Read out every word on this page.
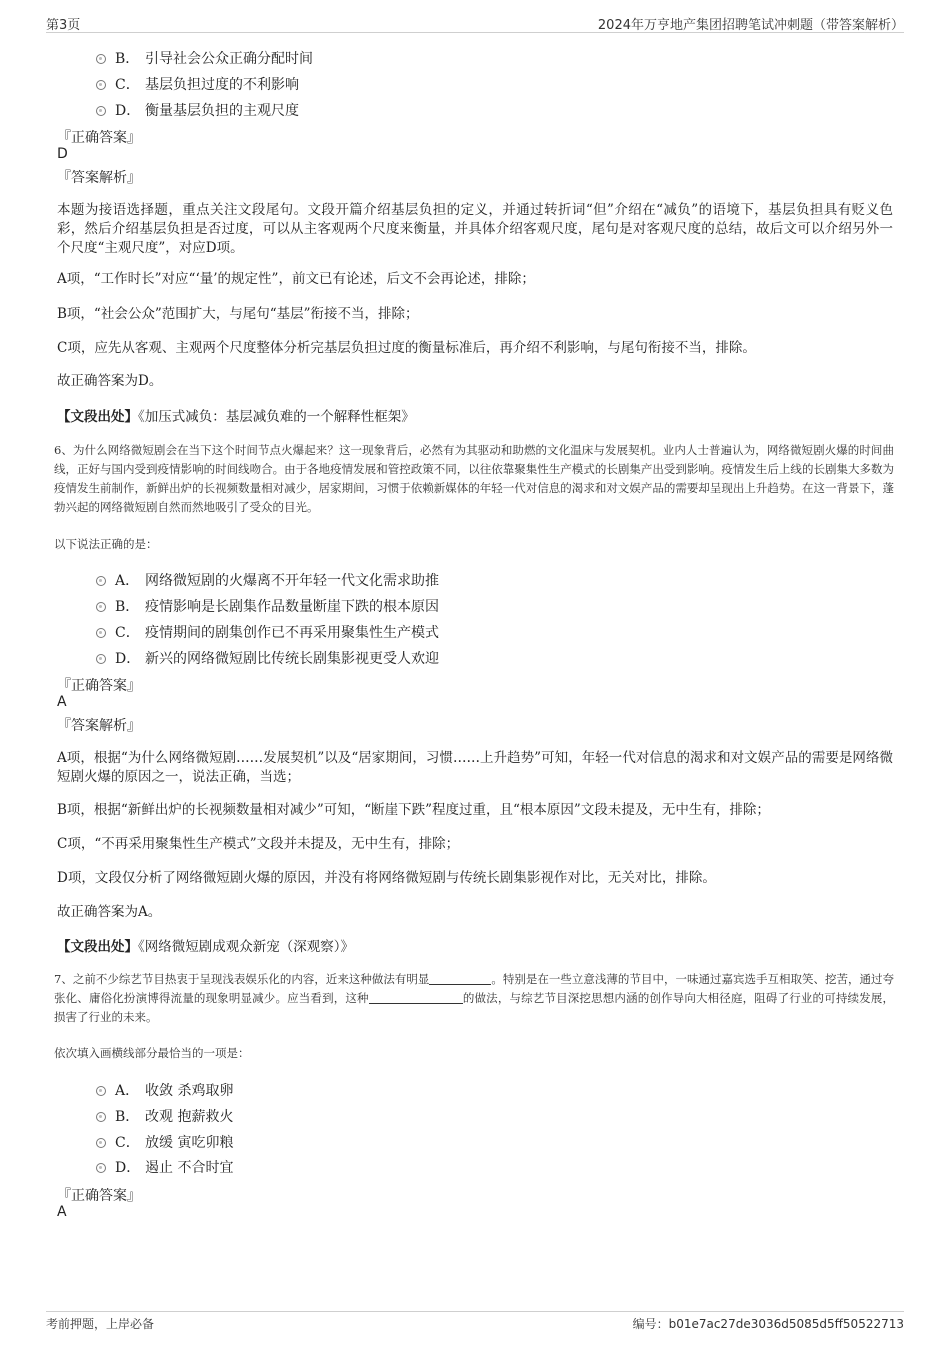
第3页	2024年万亨地产集团招聘笔试冲刺题（带答案解析）
B． 引导社会公众正确分配时间
C． 基层负担过度的不利影响
D． 衡量基层负担的主观尺度
『正确答案』
D
『答案解析』
本题为接语选择题，重点关注文段尾句。文段开篇介绍基层负担的定义，并通过转折词“但”介绍在“减负”的语境下，基层负担具有贬义色彩，然后介绍基层负担是否过度，可以从主客观两个尺度来衡量，并具体介绍客观尺度，尾句是对客观尺度的总结，故后文可以介绍另外一个尺度“主观尺度”，对应D项。
A项，“工作时长”对应“‘量’的规定性”，前文已有论述，后文不会再论述，排除；
B项，“社会公众”范围扩大，与尾句“基层”衔接不当，排除；
C项，应先从客观、主观两个尺度整体分析完基层负担过度的衡量标准后，再介绍不利影响，与尾句衔接不当，排除。
故正确答案为D。
【文段出处】《加压式减负：基层减负难的一个解释性框架》
6、为什么网络微短剧会在当下这个时间节点火爆起来？这一现象背后，必然有为其驱动和助燃的文化温床与发展契机。业内人士普遍认为，网络微短剧火爆的时间曲线，正好与国内受到疫情影响的时间线吻合。由于各地疫情发展和管控政策不同，以往依靠聚集性生产模式的长剧集产出受到影响。疫情发生后上线的长剧集大多数为疫情发生前制作，新鲜出炉的长视频数量相对减少，居家期间，习惯于依赖新媒体的年轻一代对信息的渴求和对文娱产品的需要却呈现出上升趋势。在这一背景下，蓬勃兴起的网络微短剧自然而然地吸引了受众的目光。
以下说法正确的是：
A． 网络微短剧的火爆离不开年轻一代文化需求助推
B． 疫情影响是长剧集作品数量断崖下跌的根本原因
C． 疫情期间的剧集创作已不再采用聚集性生产模式
D． 新兴的网络微短剧比传统长剧集影视更受人欢迎
『正确答案』
A
『答案解析』
A项，根据“为什么网络微短剧……发展契机”以及“居家期间，习惯……上升趋势”可知，年轻一代对信息的渴求和对文娱产品的需要是网络微短剧火爆的原因之一，说法正确，当选；
B项，根据“新鲜出炉的长视频数量相对减少”可知，“断崖下跌”程度过重，且“根本原因”文段未提及，无中生有，排除；
C项，“不再采用聚集性生产模式”文段并未提及，无中生有，排除；
D项，文段仅分析了网络微短剧火爆的原因，并没有将网络微短剧与传统长剧集影视作对比，无关对比，排除。
故正确答案为A。
【文段出处】《网络微短剧成观众新宠（深观察）》
7、之前不少综艺节目热衷于呈现浅表娱乐化的内容，近来这种做法有明显	。特别是在一些立意浅薄的节目中，一味通过嘉宾选手互相取笑、挖苦，通过夸张化、庸俗化扮演博得流量的现象明显减少。应当看到，这种	的做法，与综艺节目深挖思想内涵的创作导向大相径庭，阻碍了行业的可持续发展，损害了行业的未来。
依次填入画横线部分最恰当的一项是：
A． 收敛 杀鸡取卵
B． 改观 抱薪救火
C． 放缓 寅吃卯粮
D． 遏止 不合时宜
『正确答案』
A
考前押题，上岸必备	编号：b01e7ac27de3036d5085d5ff50522713
